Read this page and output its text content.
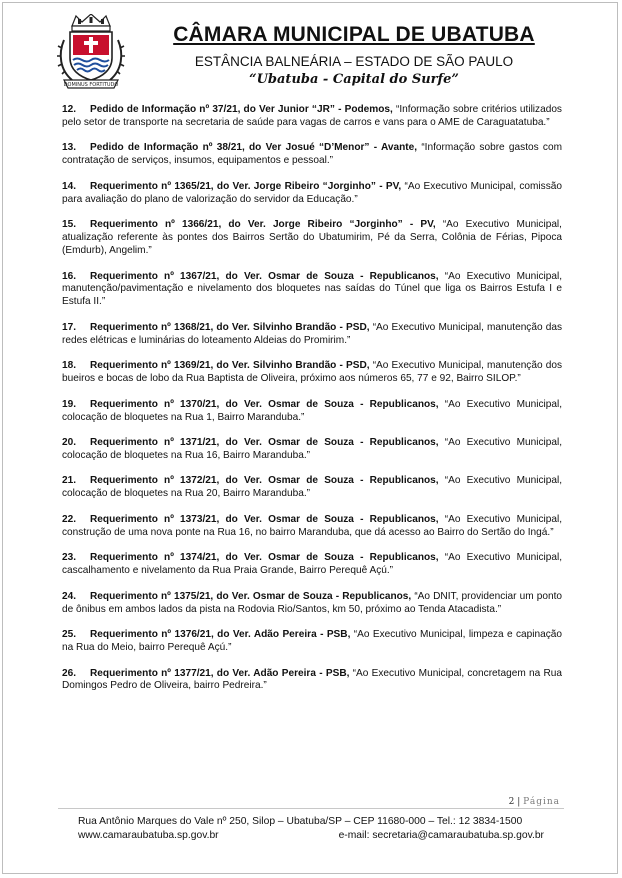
DOMINUS FORTITUDO
CÂMARA MUNICIPAL DE UBATUBA
ESTÂNCIA BALNEÁRIA – ESTADO DE SÃO PAULO
“Ubatuba - Capital do Surfe”

12. Pedido de Informação nº 37/21, do Ver Junior “JR” - Podemos, “Informação sobre critérios utilizados pelo setor de transporte na secretaria de saúde para vagas de carros e vans para o AME de Caraguatatuba.”

13. Pedido de Informação nº 38/21, do Ver Josué “D’Menor” - Avante, “Informação sobre gastos com contratação de serviços, insumos, equipamentos e pessoal.”

14. Requerimento nº 1365/21, do Ver. Jorge Ribeiro “Jorginho” - PV, “Ao Executivo Municipal, comissão para avaliação do plano de valorização do servidor da Educação.”

15. Requerimento nº 1366/21, do Ver. Jorge Ribeiro “Jorginho” - PV, “Ao Executivo Municipal, atualização referente às pontes dos Bairros Sertão do Ubatumirim, Pé da Serra, Colônia de Férias, Pipoca (Emdurb), Angelim.”

16. Requerimento nº 1367/21, do Ver. Osmar de Souza - Republicanos, “Ao Executivo Municipal, manutenção/pavimentação e nivelamento dos bloquetes nas saídas do Túnel que liga os Bairros Estufa I e Estufa II.”

17. Requerimento nº 1368/21, do Ver. Silvinho Brandão - PSD, “Ao Executivo Municipal, manutenção das redes elétricas e luminárias do loteamento Aldeias do Promirim.”

18. Requerimento nº 1369/21, do Ver. Silvinho Brandão - PSD, “Ao Executivo Municipal, manutenção dos bueiros e bocas de lobo da Rua Baptista de Oliveira, próximo aos números 65, 77 e 92, Bairro SILOP.”

19. Requerimento nº 1370/21, do Ver. Osmar de Souza - Republicanos, “Ao Executivo Municipal, colocação de bloquetes na Rua 1, Bairro Maranduba.”

20. Requerimento nº 1371/21, do Ver. Osmar de Souza - Republicanos, “Ao Executivo Municipal, colocação de bloquetes na Rua 16, Bairro Maranduba.”

21. Requerimento nº 1372/21, do Ver. Osmar de Souza - Republicanos, “Ao Executivo Municipal, colocação de bloquetes na Rua 20, Bairro Maranduba.”

22. Requerimento nº 1373/21, do Ver. Osmar de Souza - Republicanos, “Ao Executivo Municipal, construção de uma nova ponte na Rua 16, no bairro Maranduba, que dá acesso ao Bairro do Sertão do Ingá.”

23. Requerimento nº 1374/21, do Ver. Osmar de Souza - Republicanos, “Ao Executivo Municipal, cascalhamento e nivelamento da Rua Praia Grande, Bairro Perequê Açú.”

24. Requerimento nº 1375/21, do Ver. Osmar de Souza - Republicanos, “Ao DNIT, providenciar um ponto de ônibus em ambos lados da pista na Rodovia Rio/Santos, km 50, próximo ao Tenda Atacadista.”

25. Requerimento nº 1376/21, do Ver. Adão Pereira - PSB, “Ao Executivo Municipal, limpeza e capinação na Rua do Meio, bairro Perequê Açú.”

26. Requerimento nº 1377/21, do Ver. Adão Pereira - PSB, “Ao Executivo Municipal, concretagem na Rua Domingos Pedro de Oliveira, bairro Pedreira.”

2 | Página
Rua Antônio Marques do Vale nº 250, Silop – Ubatuba/SP – CEP 11680-000 – Tel.: 12 3834-1500
www.camaraubatuba.sp.gov.br	e-mail: secretaria@camaraubatuba.sp.gov.br
